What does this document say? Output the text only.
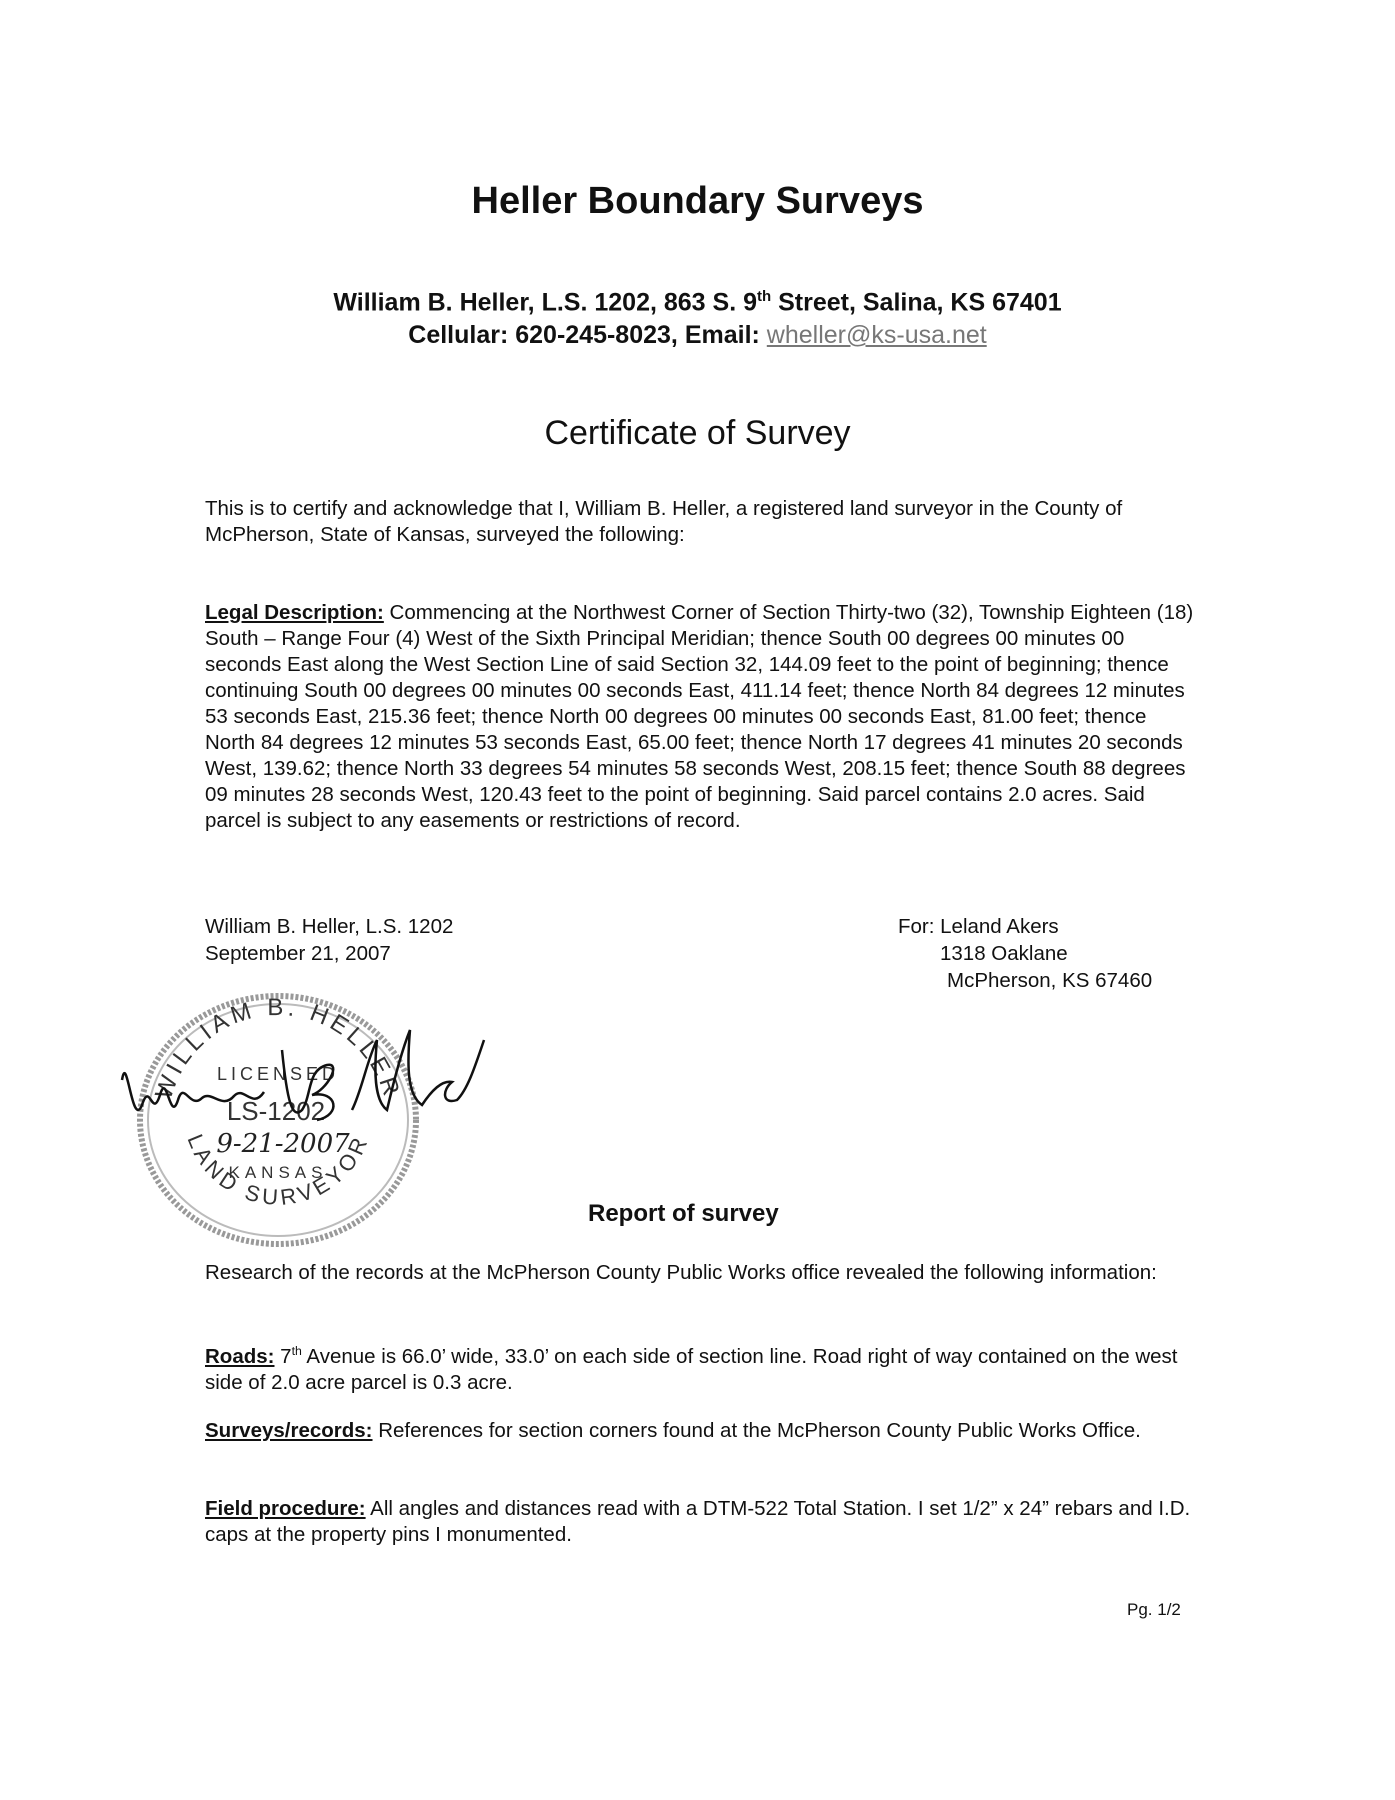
Heller Boundary Surveys
William B. Heller, L.S. 1202, 863 S. 9th Street, Salina, KS 67401
Cellular: 620-245-8023, Email: wheller@ks-usa.net
Certificate of Survey
This is to certify and acknowledge that I, William B. Heller, a registered land surveyor in the County of McPherson, State of Kansas, surveyed the following:
Legal Description: Commencing at the Northwest Corner of Section Thirty-two (32), Township Eighteen (18) South – Range Four (4) West of the Sixth Principal Meridian; thence South 00 degrees 00 minutes 00 seconds East along the West Section Line of said Section 32, 144.09 feet to the point of beginning; thence continuing South 00 degrees 00 minutes 00 seconds East, 411.14 feet; thence North 84 degrees 12 minutes 53 seconds East, 215.36 feet; thence North 00 degrees 00 minutes 00 seconds East, 81.00 feet; thence North 84 degrees 12 minutes 53 seconds East, 65.00 feet; thence North 17 degrees 41 minutes 20 seconds West, 139.62; thence North 33 degrees 54 minutes 58 seconds West, 208.15 feet; thence South 88 degrees 09 minutes 28 seconds West, 120.43 feet to the point of beginning. Said parcel contains 2.0 acres. Said parcel is subject to any easements or restrictions of record.
William B. Heller, L.S. 1202
September 21, 2007
For: Leland Akers
1318 Oaklane
McPherson, KS 67460
WILLIAM B. HELLER
LICENSED
LS-1202
9-21-2007
KANSAS
LAND SURVEYOR
Report of survey
Research of the records at the McPherson County Public Works office revealed the following information:
Roads: 7th Avenue is 66.0’ wide, 33.0’ on each side of section line. Road right of way contained on the west side of 2.0 acre parcel is 0.3 acre.
Surveys/records: References for section corners found at the McPherson County Public Works Office.
Field procedure: All angles and distances read with a DTM-522 Total Station. I set 1/2” x 24” rebars and I.D. caps at the property pins I monumented.
Pg. 1/2
